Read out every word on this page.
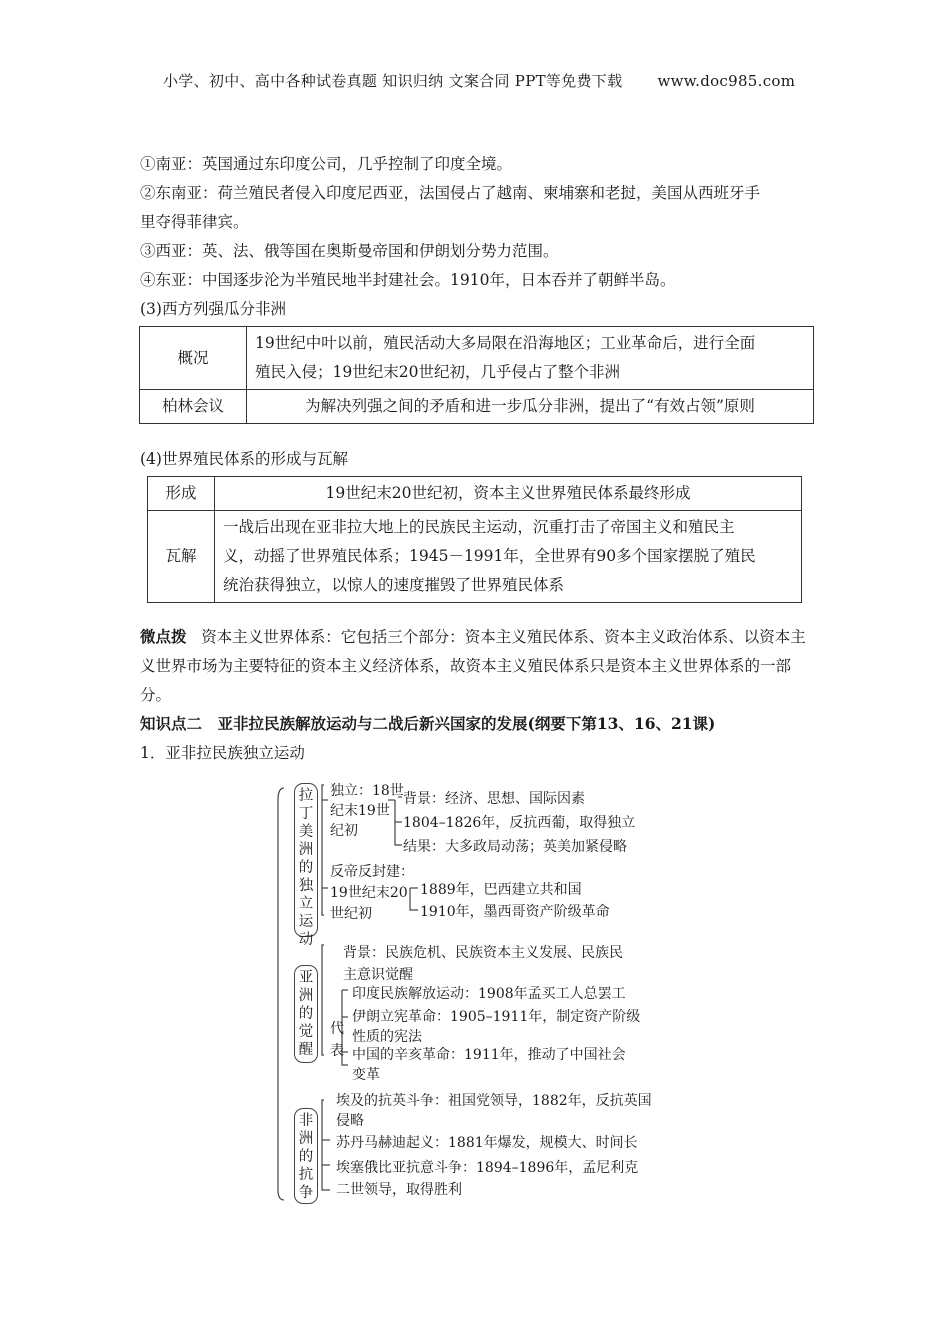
小学、初中、高中各种试卷真题 知识归纳 文案合同 PPT等免费下载 www.doc985.com
①南亚：英国通过东印度公司，几乎控制了印度全境。
②东南亚：荷兰殖民者侵入印度尼西亚，法国侵占了越南、柬埔寨和老挝，美国从西班牙手
里夺得菲律宾。
③西亚：英、法、俄等国在奥斯曼帝国和伊朗划分势力范围。
④东亚：中国逐步沦为半殖民地半封建社会。1910年，日本吞并了朝鲜半岛。
(3)西方列强瓜分非洲
概况	19世纪中叶以前，殖民活动大多局限在沿海地区；工业革命后，进行全面
殖民入侵；19世纪末20世纪初，几乎侵占了整个非洲

柏林会议	为解决列强之间的矛盾和进一步瓜分非洲，提出了“有效占领”原则
(4)世界殖民体系的形成与瓦解
形成	19世纪末20世纪初，资本主义世界殖民体系最终形成
瓦解	一战后出现在亚非拉大地上的民族民主运动，沉重打击了帝国主义和殖民主
义，动摇了世界殖民体系；1945－1991年，全世界有90多个国家摆脱了殖民
统治获得独立，以惊人的速度摧毁了世界殖民体系
微点拨 资本主义世界体系：它包括三个部分：资本主义殖民体系、资本主义政治体系、以资本主义世界市场为主要特征的资本主义经济体系，故资本主义殖民体系只是资本主义世界体系的一部分。
知识点二　亚非拉民族解放运动与二战后新兴国家的发展(纲要下第13、16、21课)
1．亚非拉民族独立运动
拉丁美洲的独立运动
独立：18世
纪末19世
纪初
背景：经济、思想、国际因素
1804–1826年，反抗西葡，取得独立
结果：大多政局动荡；英美加紧侵略
反帝反封建：
19世纪末20
世纪初
1889年，巴西建立共和国
1910年，墨西哥资产阶级革命
亚洲的觉醒
背景：民族危机、民族资本主义发展、民族民
主意识觉醒
代表
印度民族解放运动：1908年孟买工人总罢工
伊朗立宪革命：1905–1911年，制定资产阶级
性质的宪法
中国的辛亥革命：1911年，推动了中国社会
变革
非洲的抗争
埃及的抗英斗争：祖国党领导，1882年，反抗英国
侵略
苏丹马赫迪起义：1881年爆发，规模大、时间长
埃塞俄比亚抗意斗争：1894–1896年，孟尼利克
二世领导，取得胜利
